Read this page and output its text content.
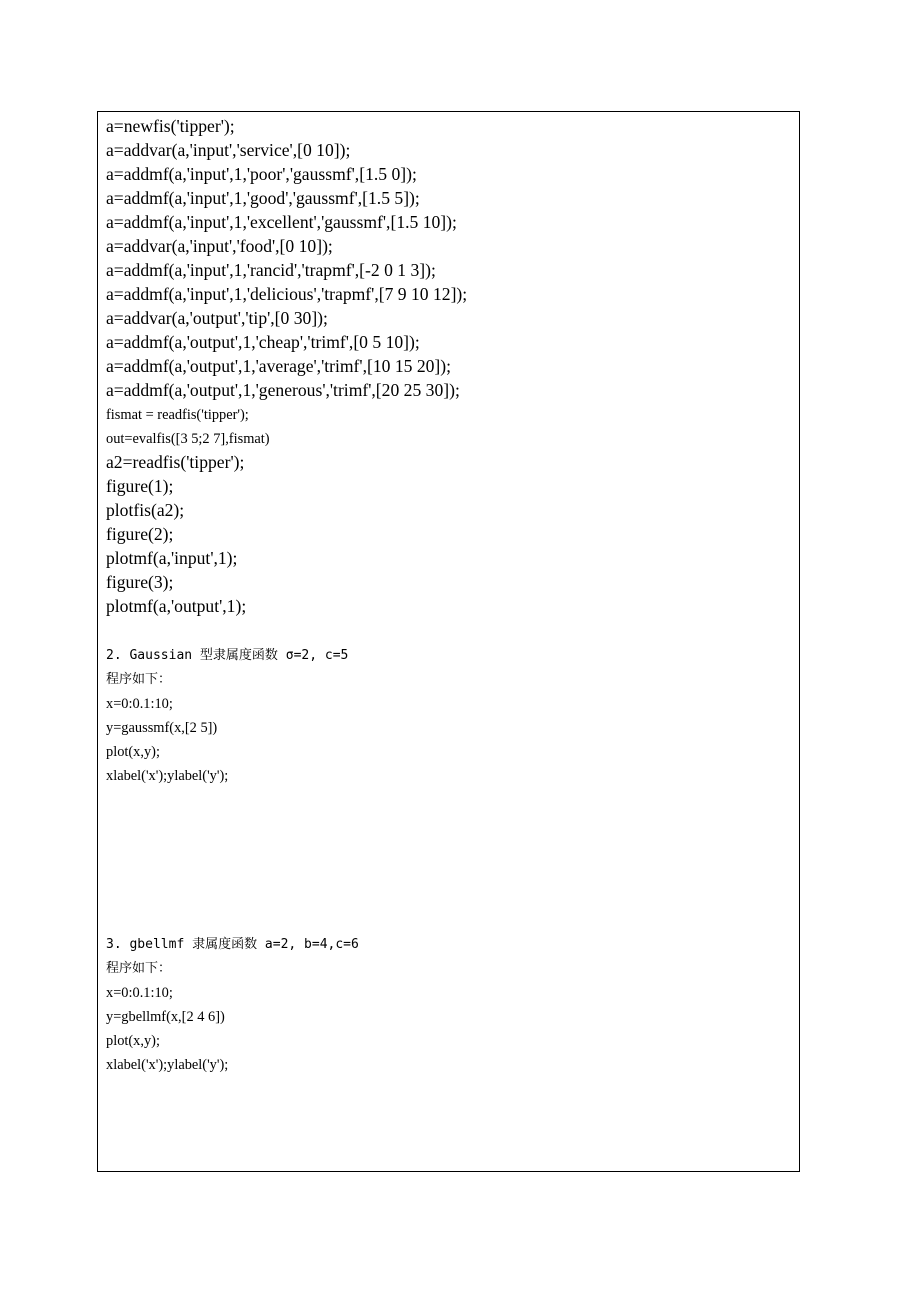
a=newfis('tipper');
a=addvar(a,'input','service',[0 10]);
a=addmf(a,'input',1,'poor','gaussmf',[1.5 0]);
a=addmf(a,'input',1,'good','gaussmf',[1.5 5]);
a=addmf(a,'input',1,'excellent','gaussmf',[1.5 10]);
a=addvar(a,'input','food',[0 10]);
a=addmf(a,'input',1,'rancid','trapmf',[-2 0 1 3]);
a=addmf(a,'input',1,'delicious','trapmf',[7 9 10 12]);
a=addvar(a,'output','tip',[0 30]);
a=addmf(a,'output',1,'cheap','trimf',[0 5 10]);
a=addmf(a,'output',1,'average','trimf',[10 15 20]);
a=addmf(a,'output',1,'generous','trimf',[20 25 30]);
fismat = readfis('tipper');
out=evalfis([3 5;2 7],fismat)
a2=readfis('tipper');
figure(1);
plotfis(a2);
figure(2);
plotmf(a,'input',1);
figure(3);
plotmf(a,'output',1);
2. Gaussian 型隶属度函数 σ=2, c=5
程序如下：
x=0:0.1:10;
y=gaussmf(x,[2 5])
plot(x,y);
xlabel('x');ylabel('y');
3. gbellmf 隶属度函数 a=2, b=4,c=6
程序如下：
x=0:0.1:10;
y=gbellmf(x,[2 4 6])
plot(x,y);
xlabel('x');ylabel('y');
